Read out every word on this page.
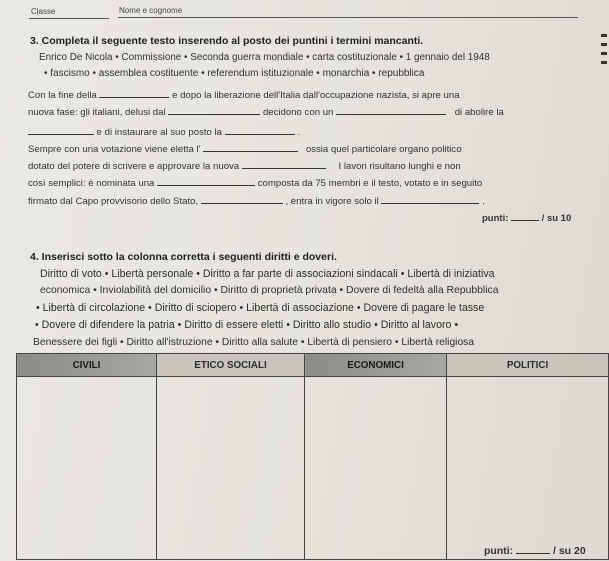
Classe	Nome e cognome
3. Completa il seguente testo inserendo al posto dei puntini i termini mancanti.
Enrico De Nicola • Commissione • Seconda guerra mondiale • carta costituzionale • 1 gennaio del 1948
• fascismo • assemblea costituente • referendum istituzionale • monarchia • repubblica
Con la fine della	e dopo la liberazione dell'Italia dall'occupazione nazista, si apre una
nuova fase: gli italiani, delusi dal	decidono con un	di abolire la
e di instaurare al suo posto la	.
Sempre con una votazione viene eletta l'	ossia quel particolare organo politico
dotato del potere di scrivere e approvare la nuova	I lavori risultano lunghi e non
così semplici: è nominata una	composta da 75 membri e il testo, votato e in seguito
firmato dal Capo provvisorio dello Stato,	, entra in vigore solo il	.
punti:	/ su 10
4. Inserisci sotto la colonna corretta i seguenti diritti e doveri.
Diritto di voto • Libertà personale • Diritto a far parte di associazioni sindacali • Libertà di iniziativa
economica • Inviolabilità del domicilio • Diritto di proprietà privata • Dovere di fedeltà alla Repubblica
• Libertà di circolazione • Diritto di sciopero • Libertà di associazione • Dovere di pagare le tasse
• Dovere di difendere la patria • Diritto di essere eletti • Diritto allo studio • Diritto al lavoro •
Benessere dei figli • Diritto all'istruzione • Diritto alla salute • Libertà di pensiero • Libertà religiosa
CIVILI	ETICO SOCIALI	ECONOMICI	POLITICI

punti:	/ su 20
